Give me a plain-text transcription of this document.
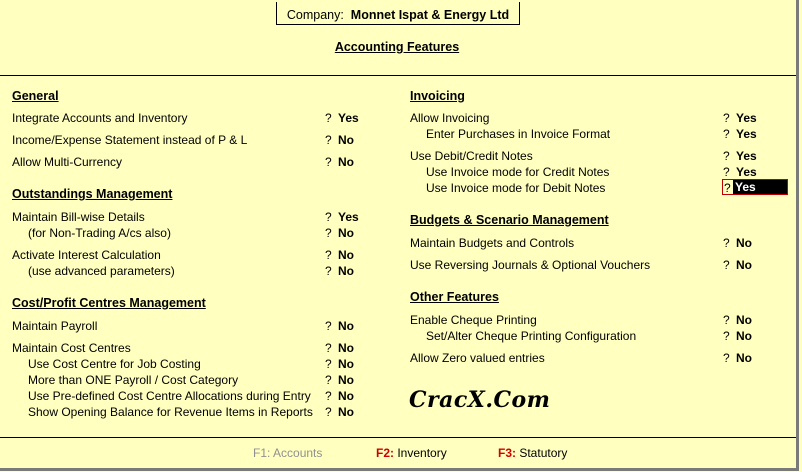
Company: Monnet Ispat & Energy Ltd
Accounting Features
General
Integrate Accounts and Inventory	? Yes
Income/Expense Statement instead of P & L	? No
Allow Multi-Currency	? No
Outstandings Management
Maintain Bill-wise Details	? Yes
(for Non-Trading A/cs also)	? No
Activate Interest Calculation	? No
(use advanced parameters)	? No
Cost/Profit Centres Management
Maintain Payroll	? No
Maintain Cost Centres	? No
Use Cost Centre for Job Costing	? No
More than ONE Payroll / Cost Category	? No
Use Pre-defined Cost Centre Allocations during Entry ? No
Show Opening Balance for Revenue Items in Reports ? No
Invoicing
Allow Invoicing	? Yes
Enter Purchases in Invoice Format	? Yes
Use Debit/Credit Notes	? Yes
Use Invoice mode for Credit Notes	? Yes
Use Invoice mode for Debit Notes	? Yes
Budgets & Scenario Management
Maintain Budgets and Controls	? No
Use Reversing Journals & Optional Vouchers	? No
Other Features
Enable Cheque Printing	? No
Set/Alter Cheque Printing Configuration	? No
Allow Zero valued entries	? No
CracX.Com
F1: Accounts	F2: Inventory	F3: Statutory
